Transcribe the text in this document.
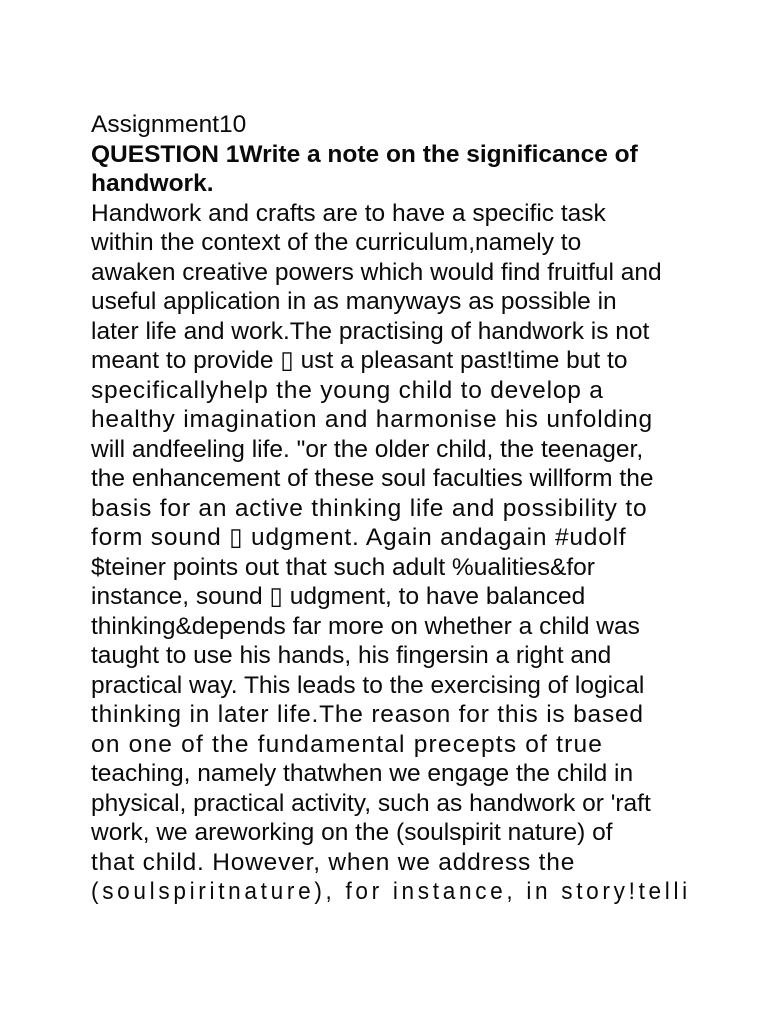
Assignment10
QUESTION 1Write a note on the significance of
handwork.
Handwork and crafts are to have a specific task
within the context of the curriculum,namely to
awaken creative powers which would find fruitful and
useful application in as manyways as possible in
later life and work.The practising of handwork is not
meant to provide ▯ ust a pleasant past!time but to
specificallyhelp the young child to develop a
healthy imagination and harmonise his unfolding
will andfeeling life. "or the older child, the teenager,
the enhancement of these soul faculties willform the
basis for an active thinking life and possibility to
form sound ▯ udgment. Again andagain #udolf
$teiner points out that such adult %ualities&for
instance, sound ▯ udgment, to have balanced
thinking&depends far more on whether a child was
taught to use his hands, his fingersin a right and
practical way. This leads to the exercising of logical
thinking in later life.The reason for this is based
on one of the fundamental precepts of true
teaching, namely thatwhen we engage the child in
physical, practical activity, such as handwork or 'raft
work, we areworking on the (soulspirit nature) of
that child. However, when we address the
(soulspiritnature), for instance, in story!telli
